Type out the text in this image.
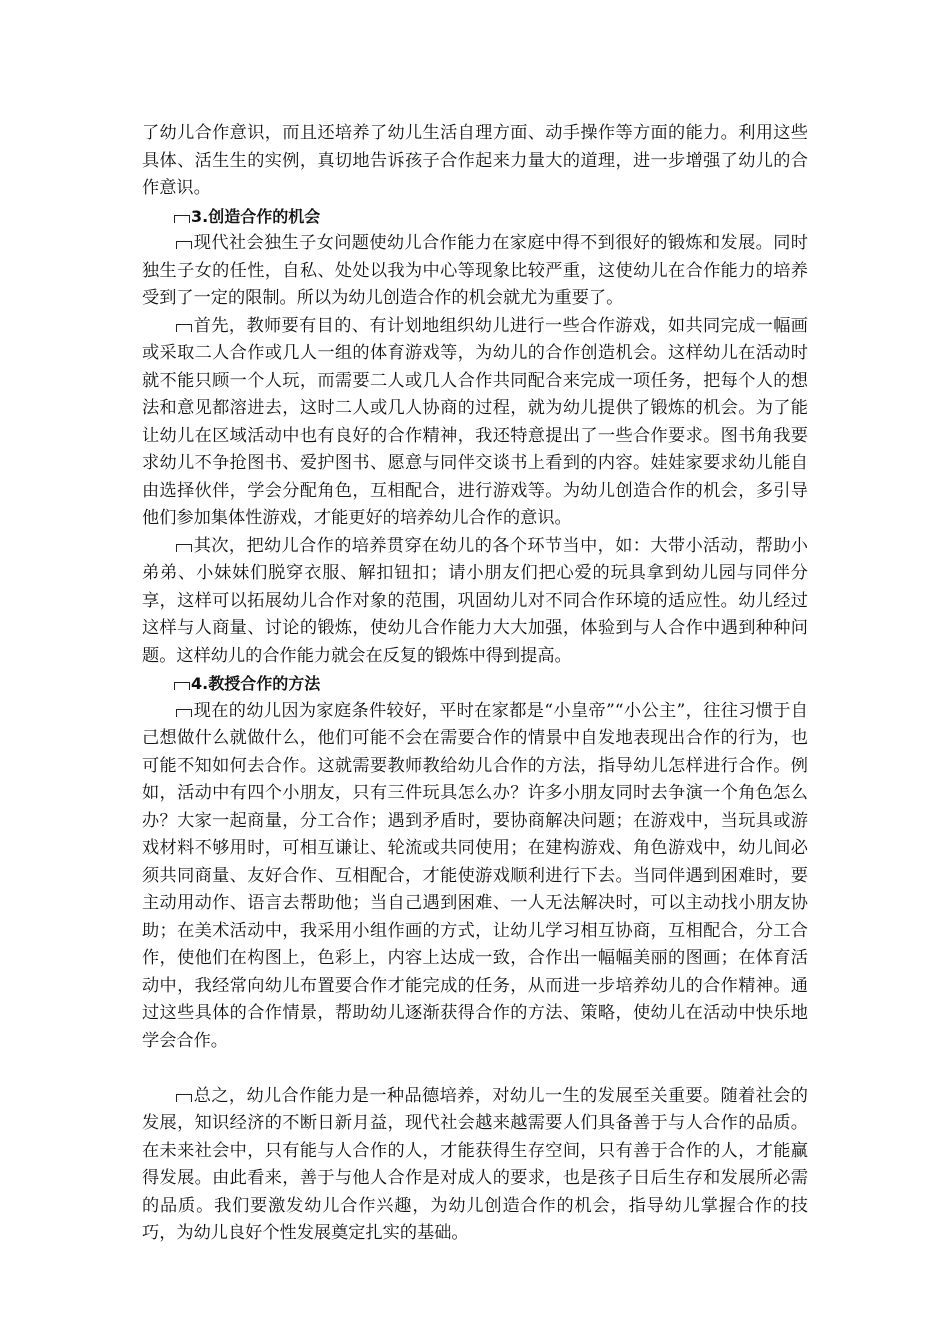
了幼儿合作意识，而且还培养了幼儿生活自理方面、动手操作等方面的能力。利用这些具体、活生生的实例，真切地告诉孩子合作起来力量大的道理，进一步增强了幼儿的合作意识。

3.创造合作的机会

现代社会独生子女问题使幼儿合作能力在家庭中得不到很好的锻炼和发展。同时独生子女的任性，自私、处处以我为中心等现象比较严重，这使幼儿在合作能力的培养受到了一定的限制。所以为幼儿创造合作的机会就尤为重要了。

首先，教师要有目的、有计划地组织幼儿进行一些合作游戏，如共同完成一幅画或采取二人合作或几人一组的体育游戏等，为幼儿的合作创造机会。这样幼儿在活动时就不能只顾一个人玩，而需要二人或几人合作共同配合来完成一项任务，把每个人的想法和意见都溶进去，这时二人或几人协商的过程，就为幼儿提供了锻炼的机会。为了能让幼儿在区域活动中也有良好的合作精神，我还特意提出了一些合作要求。图书角我要求幼儿不争抢图书、爱护图书、愿意与同伴交谈书上看到的内容。娃娃家要求幼儿能自由选择伙伴，学会分配角色，互相配合，进行游戏等。为幼儿创造合作的机会，多引导他们参加集体性游戏，才能更好的培养幼儿合作的意识。

其次，把幼儿合作的培养贯穿在幼儿的各个环节当中，如：大带小活动，帮助小弟弟、小妹妹们脱穿衣服、解扣钮扣；请小朋友们把心爱的玩具拿到幼儿园与同伴分享，这样可以拓展幼儿合作对象的范围，巩固幼儿对不同合作环境的适应性。幼儿经过这样与人商量、讨论的锻炼，使幼儿合作能力大大加强，体验到与人合作中遇到种种问题。这样幼儿的合作能力就会在反复的锻炼中得到提高。

4.教授合作的方法

现在的幼儿因为家庭条件较好，平时在家都是“小皇帝”“小公主”，往往习惯于自己想做什么就做什么，他们可能不会在需要合作的情景中自发地表现出合作的行为，也可能不知如何去合作。这就需要教师教给幼儿合作的方法，指导幼儿怎样进行合作。例如，活动中有四个小朋友，只有三件玩具怎么办？许多小朋友同时去争演一个角色怎么办？大家一起商量，分工合作；遇到矛盾时，要协商解决问题；在游戏中，当玩具或游戏材料不够用时，可相互谦让、轮流或共同使用；在建构游戏、角色游戏中，幼儿间必须共同商量、友好合作、互相配合，才能使游戏顺利进行下去。当同伴遇到困难时，要主动用动作、语言去帮助他；当自己遇到困难、一人无法解决时，可以主动找小朋友协助；在美术活动中，我采用小组作画的方式，让幼儿学习相互协商，互相配合，分工合作，使他们在构图上，色彩上，内容上达成一致，合作出一幅幅美丽的图画；在体育活动中，我经常向幼儿布置要合作才能完成的任务，从而进一步培养幼儿的合作精神。通过这些具体的合作情景，帮助幼儿逐渐获得合作的方法、策略，使幼儿在活动中快乐地学会合作。

总之，幼儿合作能力是一种品德培养，对幼儿一生的发展至关重要。随着社会的发展，知识经济的不断日新月益，现代社会越来越需要人们具备善于与人合作的品质。在未来社会中，只有能与人合作的人，才能获得生存空间，只有善于合作的人，才能赢得发展。由此看来，善于与他人合作是对成人的要求，也是孩子日后生存和发展所必需的品质。我们要激发幼儿合作兴趣，为幼儿创造合作的机会，指导幼儿掌握合作的技巧，为幼儿良好个性发展奠定扎实的基础。
